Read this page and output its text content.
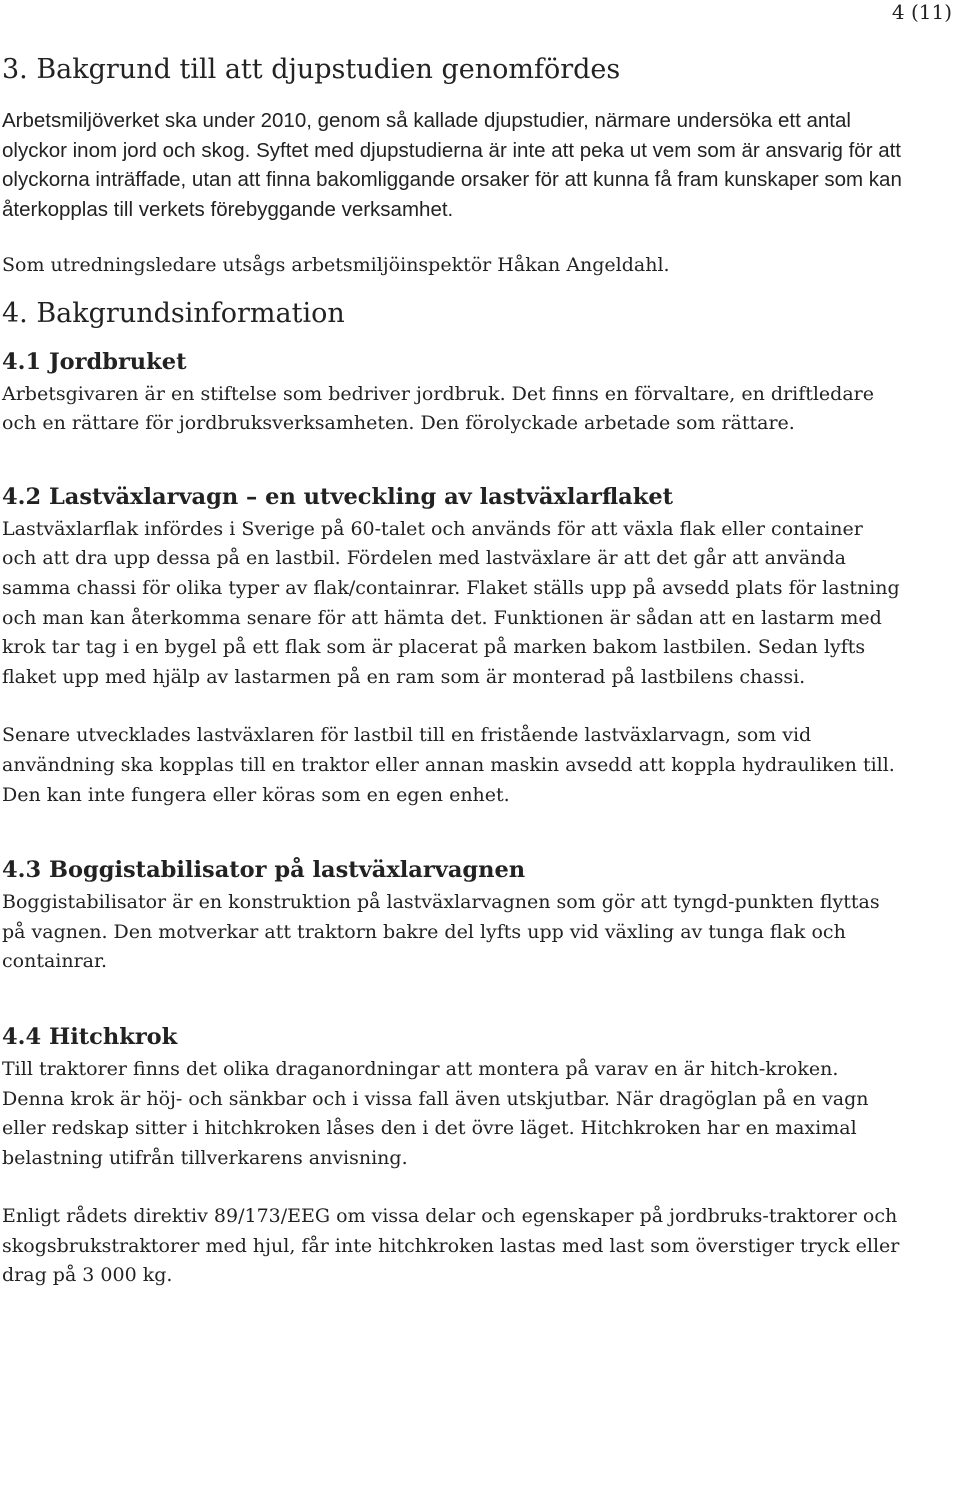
4 (11)
3. Bakgrund till att djupstudien genomfördes

Arbetsmiljöverket ska under 2010, genom så kallade djupstudier, närmare undersöka ett antal olyckor inom jord och skog. Syftet med djupstudierna är inte att peka ut vem som är ansvarig för att olyckorna inträffade, utan att finna bakomliggande orsaker för att kunna få fram kunskaper som kan återkopplas till verkets förebyggande verksamhet.

Som utredningsledare utsågs arbetsmiljöinspektör Håkan Angeldahl.

4. Bakgrundsinformation
4.1 Jordbruket

Arbetsgivaren är en stiftelse som bedriver jordbruk. Det finns en förvaltare, en driftledare och en rättare för jordbruksverksamheten. Den förolyckade arbetade som rättare.

4.2 Lastväxlarvagn – en utveckling av lastväxlarflaket

Lastväxlarflak infördes i Sverige på 60-talet och används för att växla flak eller container och att dra upp dessa på en lastbil. Fördelen med lastväxlare är att det går att använda samma chassi för olika typer av flak/containrar. Flaket ställs upp på avsedd plats för lastning och man kan återkomma senare för att hämta det. Funktionen är sådan att en lastarm med krok tar tag i en bygel på ett flak som är placerat på marken bakom lastbilen. Sedan lyfts flaket upp med hjälp av lastarmen på en ram som är monterad på lastbilens chassi.

Senare utvecklades lastväxlaren för lastbil till en fristående lastväxlarvagn, som vid användning ska kopplas till en traktor eller annan maskin avsedd att koppla hydrauliken till. Den kan inte fungera eller köras som en egen enhet.

4.3 Boggistabilisator på lastväxlarvagnen

Boggistabilisator är en konstruktion på lastväxlarvagnen som gör att tyngd-punkten flyttas på vagnen. Den motverkar att traktorn bakre del lyfts upp vid växling av tunga flak och containrar.

4.4 Hitchkrok

Till traktorer finns det olika draganordningar att montera på varav en är hitch-kroken. Denna krok är höj- och sänkbar och i vissa fall även utskjutbar. När dragöglan på en vagn eller redskap sitter i hitchkroken låses den i det övre läget. Hitchkroken har en maximal belastning utifrån tillverkarens anvisning.

Enligt rådets direktiv 89/173/EEG om vissa delar och egenskaper på jordbruks-traktorer och skogsbrukstraktorer med hjul, får inte hitchkroken lastas med last som överstiger tryck eller drag på 3 000 kg.
